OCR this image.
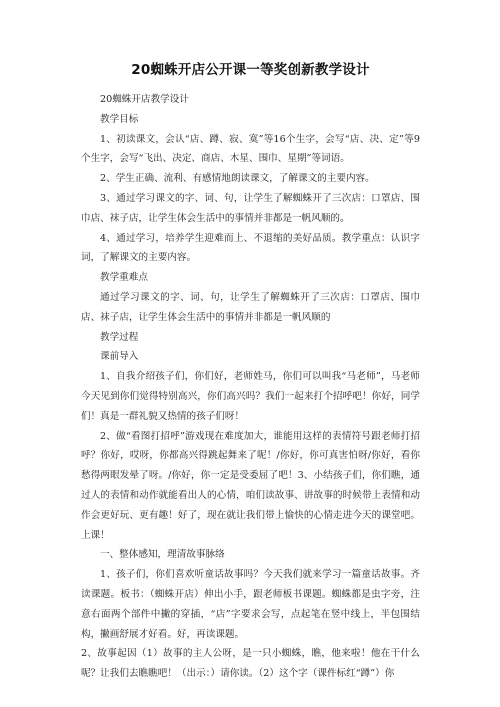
20蜘蛛开店公开课一等奖创新教学设计

20蜘蛛开店教学设计

教学目标

1、初读课文，会认“店、蹲、寂、寞”等16个生字，会写“店、决、定”等9个生字，会写“飞出、决定、商店、木星、围巾、星期”等词语。

2、学生正确、流利、有感情地朗读课文，了解课文的主要内容。

3、通过学习课文的字、词、句，让学生了解蜘蛛开了三次店：口罩店、围巾店、袜子店，让学生体会生活中的事情并非都是一帆风顺的。

4、通过学习，培养学生迎难而上、不退缩的美好品质。教学重点：认识字词，了解课文的主要内容。

教学重难点

通过学习课文的字、词、句，让学生了解蜘蛛开了三次店：口罩店、围巾店、袜子店，让学生体会生活中的事情并非都是一帆风顺的

教学过程

课前导入

1、自我介绍孩子们，你们好，老师姓马，你们可以叫我“马老师”，马老师今天见到你们觉得特别高兴，你们高兴吗？我们一起来打个招呼吧！你好，同学们！真是一群礼貌又热情的孩子们呀！

2、做“看图打招呼”游戏现在难度加大，谁能用这样的表情符号跟老师打招呼？你好，哎呀，你都高兴得跳起舞来了呢！/你好，你可真害怕呀/你好，看你愁得两眼发晕了呀。/你好，你一定是受委屈了吧！3、小结孩子们，你们瞧，通过人的表情和动作就能看出人的心情，咱们读故事、讲故事的时候带上表情和动作会更好玩、更有趣！好了，现在就让我们带上愉快的心情走进今天的课堂吧。上课！

一、整体感知，理清故事脉络

1、孩子们，你们喜欢听童话故事吗？今天我们就来学习一篇童话故事。齐读课题。板书：（蜘蛛开店）伸出小手，跟老师板书课题。蜘蛛都是虫字旁，注意右面两个部件中撇的穿插，“店”字要求会写，点起笔在竖中线上，半包围结构，撇画舒展才好看。好，再读课题。

2、故事起因（1）故事的主人公呀，是一只小蜘蛛，瞧，他来啦！他在干什么呢？让我们去瞧瞧吧！（出示：）请你读。（2）这个字（课件标红“蹲”）你
